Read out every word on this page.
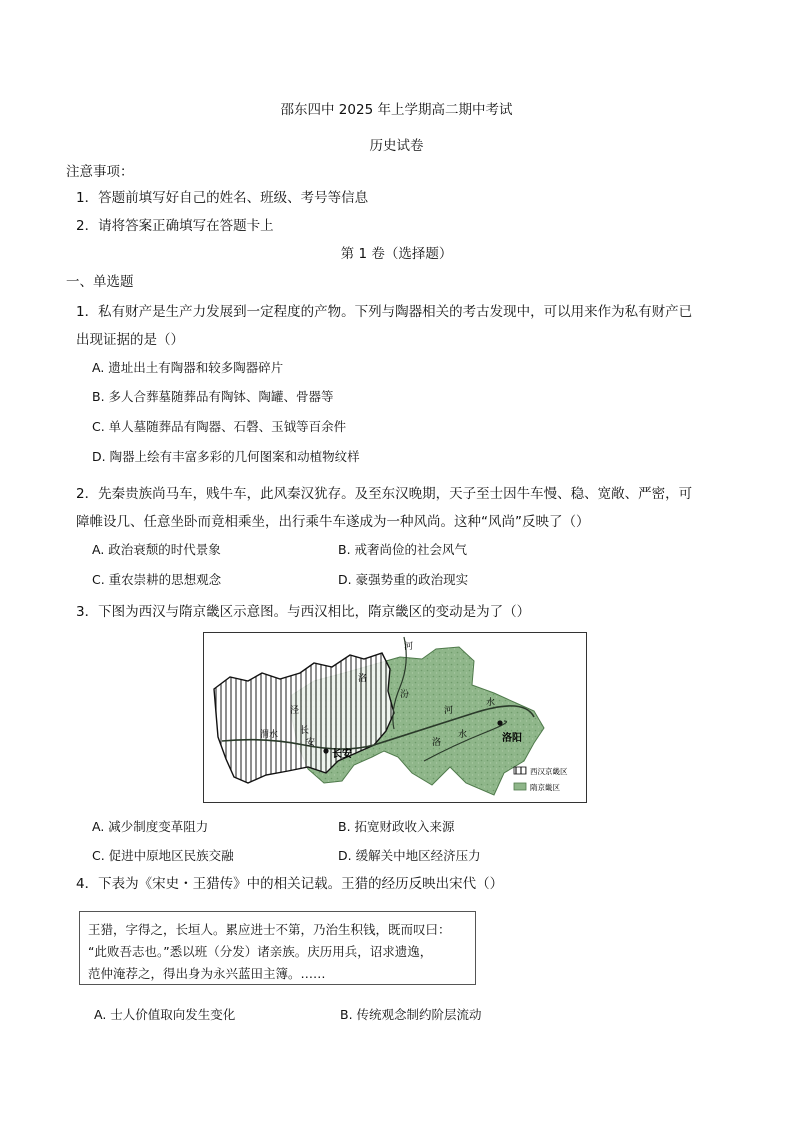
邵东四中 2025 年上学期高二期中考试
历史试卷
注意事项：
1．答题前填写好自己的姓名、班级、考号等信息
2．请将答案正确填写在答题卡上
第 1 卷（选择题）
一、单选题
1．私有财产是生产力发展到一定程度的产物。下列与陶器相关的考古发现中，可以用来作为私有财产已
出现证据的是（）
A. 遗址出土有陶器和较多陶器碎片
B. 多人合葬墓随葬品有陶钵、陶罐、骨器等
C. 单人墓随葬品有陶器、石磬、玉钺等百余件
D. 陶器上绘有丰富多彩的几何图案和动植物纹样
2．先秦贵族尚马车，贱牛车，此风秦汉犹存。及至东汉晚期，天子至士因牛车慢、稳、宽敞、严密，可
障帷设几、任意坐卧而竟相乘坐，出行乘牛车遂成为一种风尚。这种“风尚”反映了（）
A. 政治衰颓的时代景象	B. 戒奢尚俭的社会风气
C. 重农崇耕的思想观念	D. 豪强势重的政治现实
3．下图为西汉与隋京畿区示意图。与西汉相比，隋京畿区的变动是为了（）
河
洛
泾
渭水 长
安
长安
汾
河
水
洛
水	洛阳
西汉京畿区
隋京畿区
A. 减少制度变革阻力	B. 拓宽财政收入来源
C. 促进中原地区民族交融	D. 缓解关中地区经济压力
4．下表为《宋史・王猎传》中的相关记载。王猎的经历反映出宋代（）
王猎，字得之，长垣人。累应进士不第，乃治生积钱，既而叹曰：
“此败吾志也。”悉以班（分发）诸亲族。庆历用兵，诏求遗逸，
范仲淹荐之，得出身为永兴蓝田主簿。……
A. 士人价值取向发生变化	B. 传统观念制约阶层流动
